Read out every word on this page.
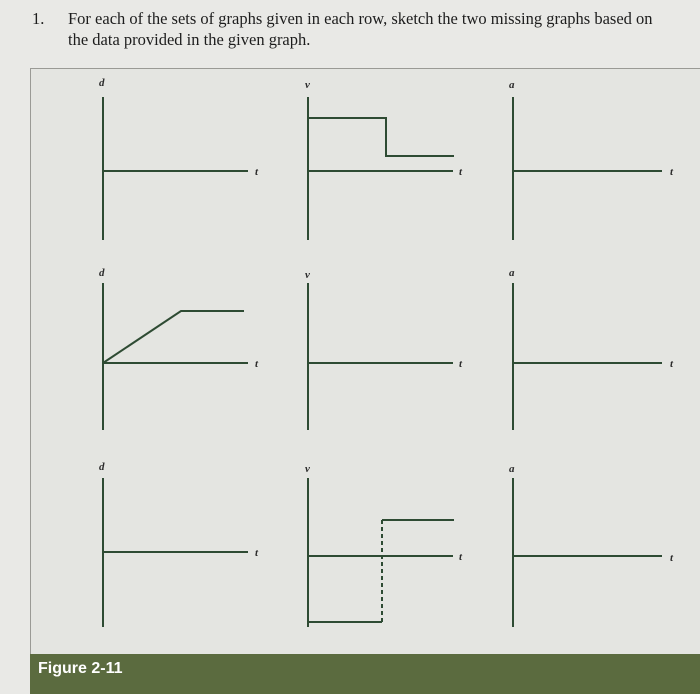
1. For each of the sets of graphs given in each row, sketch the two missing graphs based on the data provided in the given graph.
d
t
v
t
a
t
d
t
v
t
a
t
d
t
v
t
a
t
Figure 2-11
